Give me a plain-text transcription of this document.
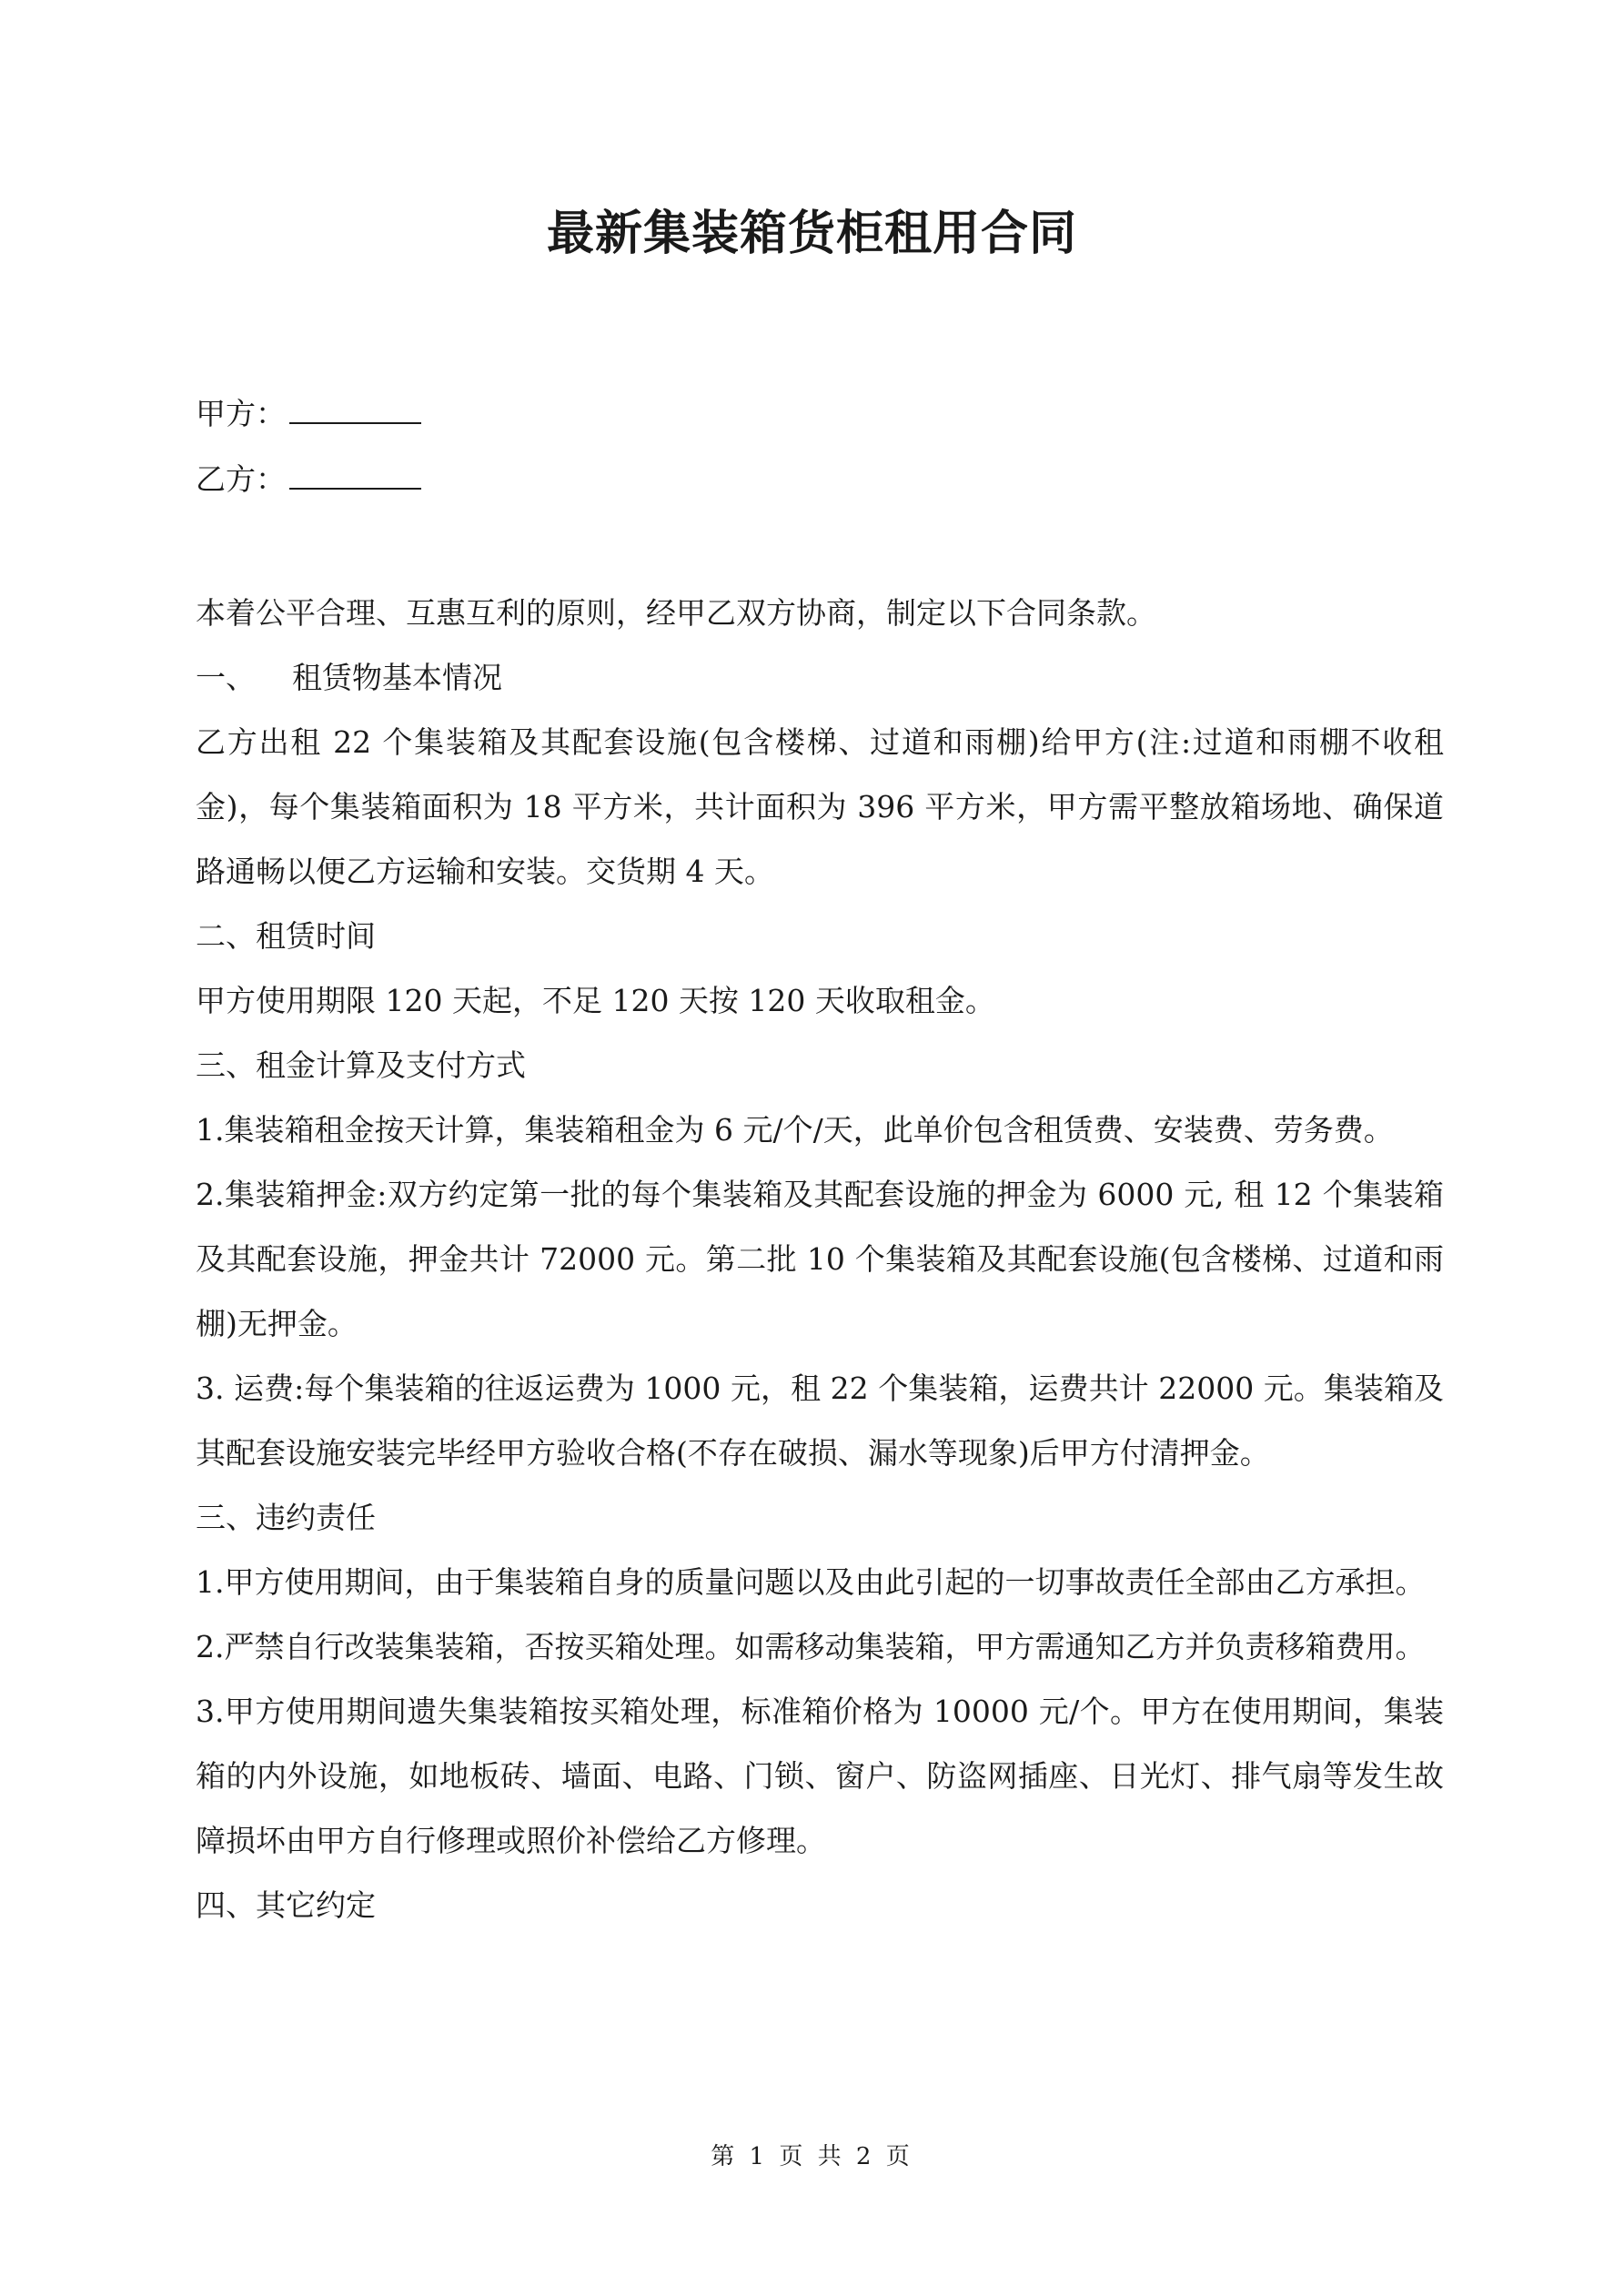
最新集装箱货柜租用合同
甲方：
乙方：

本着公平合理、互惠互利的原则，经甲乙双方协商，制定以下合同条款。

一、 租赁物基本情况

乙方出租 22 个集装箱及其配套设施(包含楼梯、过道和雨棚)给甲方(注:过道和雨棚不收租金)，每个集装箱面积为 18 平方米，共计面积为 396 平方米，甲方需平整放箱场地、确保道路通畅以便乙方运输和安装。交货期 4 天。

二、租赁时间

甲方使用期限 120 天起，不足 120 天按 120 天收取租金。

三、租金计算及支付方式

1.集装箱租金按天计算，集装箱租金为 6 元/个/天，此单价包含租赁费、安装费、劳务费。

2.集装箱押金:双方约定第一批的每个集装箱及其配套设施的押金为 6000 元, 租 12 个集装箱及其配套设施，押金共计 72000 元。第二批 10 个集装箱及其配套设施(包含楼梯、过道和雨棚)无押金。

3. 运费:每个集装箱的往返运费为 1000 元，租 22 个集装箱，运费共计 22000 元。集装箱及其配套设施安装完毕经甲方验收合格(不存在破损、漏水等现象)后甲方付清押金。

三、违约责任

1.甲方使用期间，由于集装箱自身的质量问题以及由此引起的一切事故责任全部由乙方承担。

2.严禁自行改装集装箱，否按买箱处理。如需移动集装箱，甲方需通知乙方并负责移箱费用。

3.甲方使用期间遗失集装箱按买箱处理，标准箱价格为 10000 元/个。甲方在使用期间，集装箱的内外设施，如地板砖、墙面、电路、门锁、窗户、防盗网插座、日光灯、排气扇等发生故障损坏由甲方自行修理或照价补偿给乙方修理。

四、其它约定

第 1 页 共 2 页
